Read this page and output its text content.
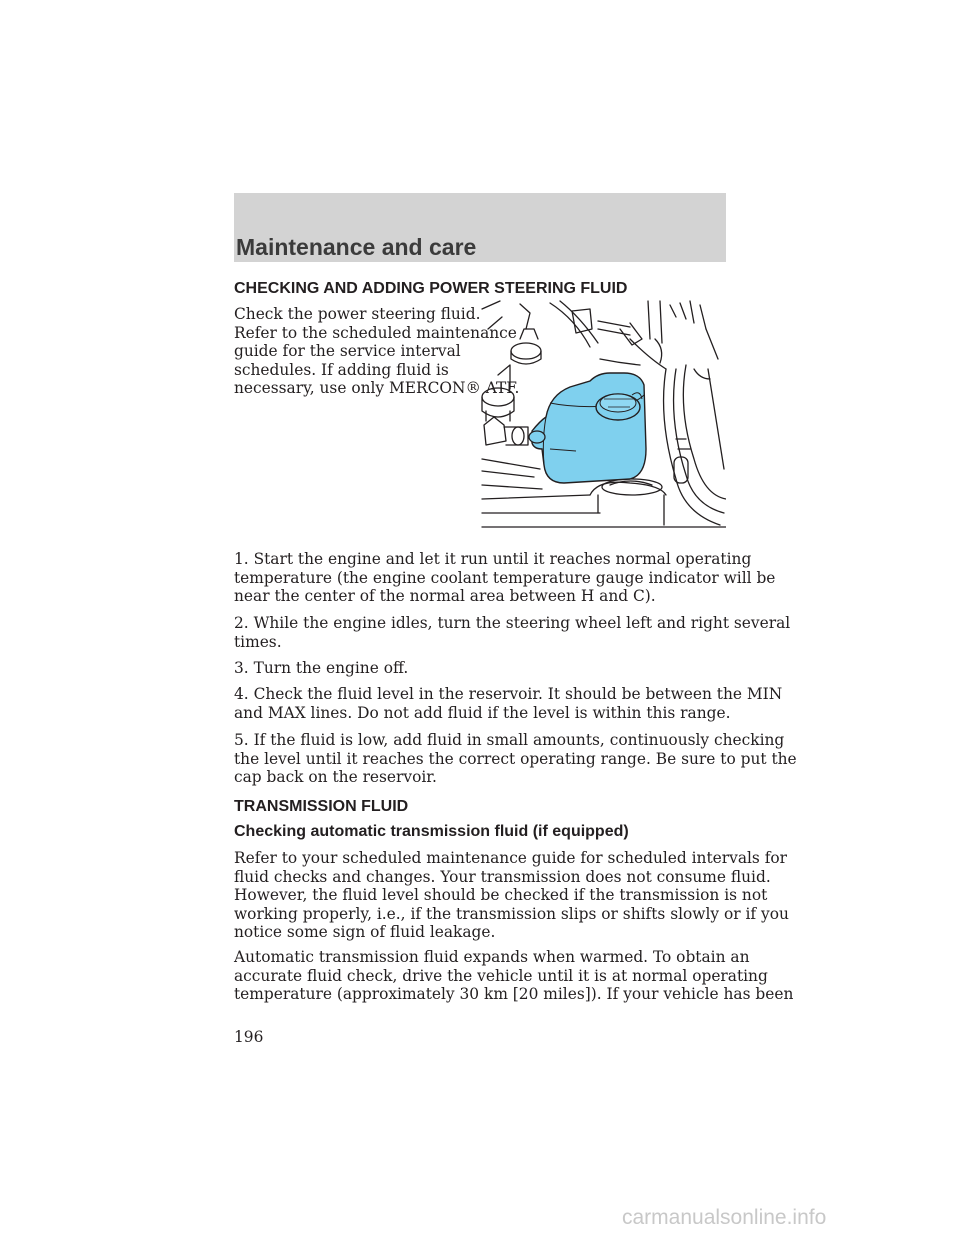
Maintenance and care
CHECKING AND ADDING POWER STEERING FLUID

Check the power steering fluid.
Refer to the scheduled maintenance
guide for the service interval
schedules. If adding fluid is
necessary, use only MERCON® ATF.

1. Start the engine and let it run until it reaches normal operating
temperature (the engine coolant temperature gauge indicator will be
near the center of the normal area between H and C).
2. While the engine idles, turn the steering wheel left and right several
times.
3. Turn the engine off.
4. Check the fluid level in the reservoir. It should be between the MIN
and MAX lines. Do not add fluid if the level is within this range.
5. If the fluid is low, add fluid in small amounts, continuously checking
the level until it reaches the correct operating range. Be sure to put the
cap back on the reservoir.
TRANSMISSION FLUID
Checking automatic transmission fluid (if equipped)
Refer to your scheduled maintenance guide for scheduled intervals for
fluid checks and changes. Your transmission does not consume fluid.
However, the fluid level should be checked if the transmission is not
working properly, i.e., if the transmission slips or shifts slowly or if you
notice some sign of fluid leakage.
Automatic transmission fluid expands when warmed. To obtain an
accurate fluid check, drive the vehicle until it is at normal operating
temperature (approximately 30 km [20 miles]). If your vehicle has been
196
carmanualsonline.info
